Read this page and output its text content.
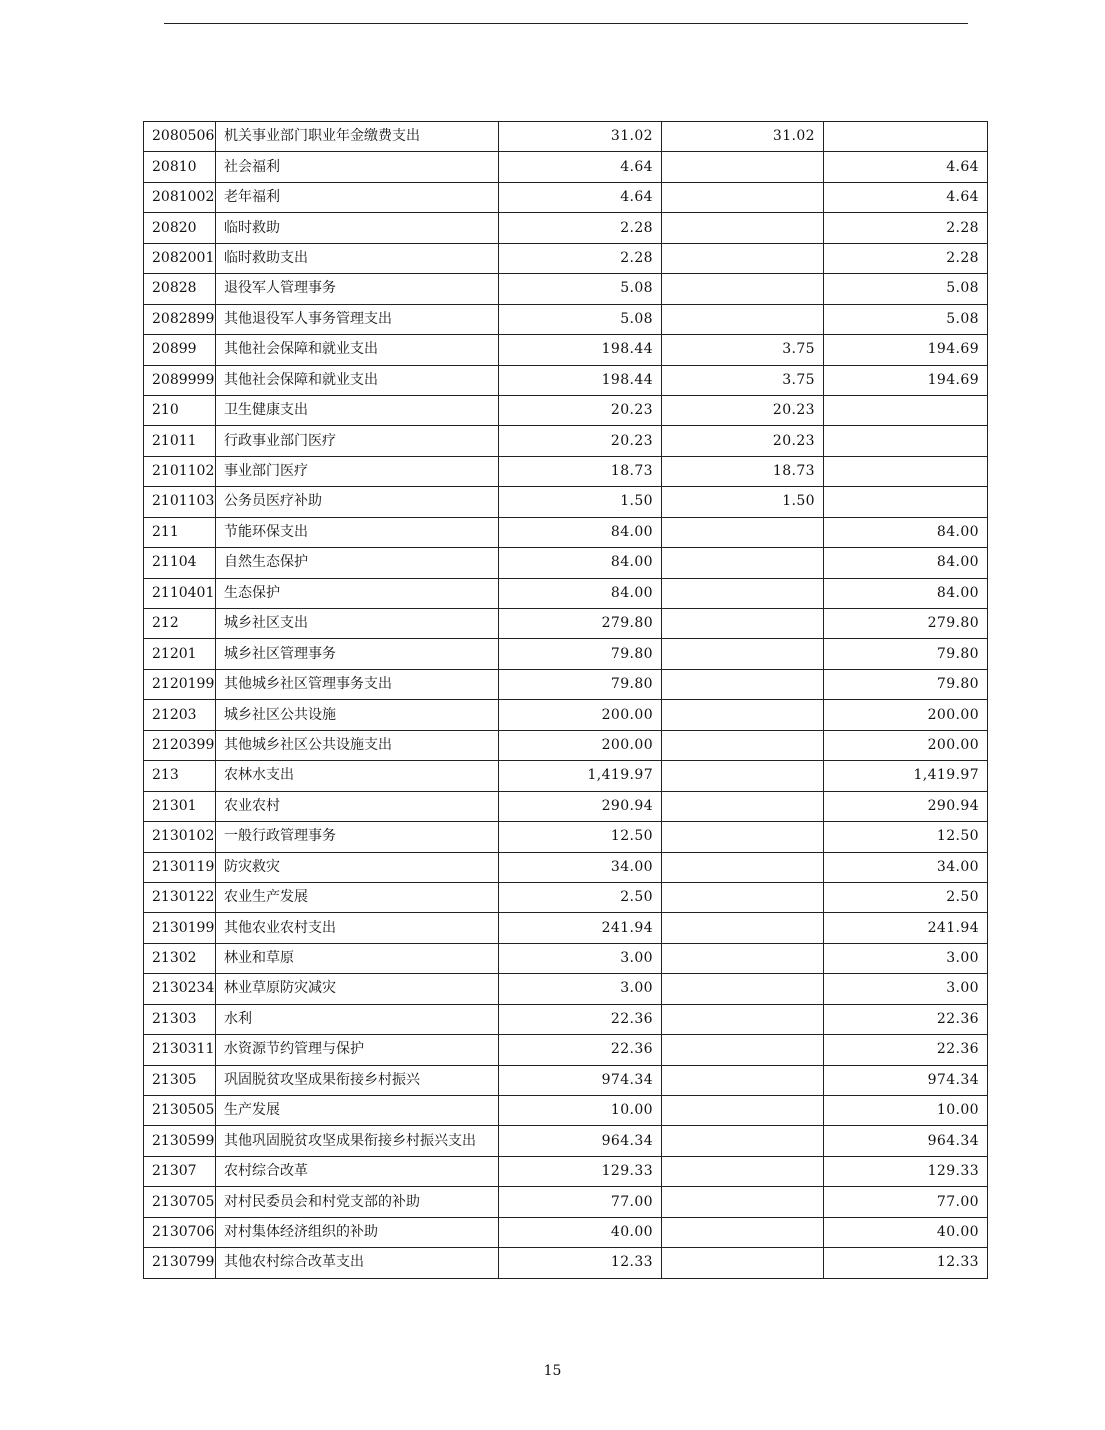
2080506	机关事业部门职业年金缴费支出	31.02	31.02	
20810	社会福利	4.64		4.64
2081002	老年福利	4.64		4.64
20820	临时救助	2.28		2.28
2082001	临时救助支出	2.28		2.28
20828	退役军人管理事务	5.08		5.08
2082899	其他退役军人事务管理支出	5.08		5.08
20899	其他社会保障和就业支出	198.44	3.75	194.69
2089999	其他社会保障和就业支出	198.44	3.75	194.69
210	卫生健康支出	20.23	20.23	
21011	行政事业部门医疗	20.23	20.23	
2101102	事业部门医疗	18.73	18.73	
2101103	公务员医疗补助	1.50	1.50	
211	节能环保支出	84.00		84.00
21104	自然生态保护	84.00		84.00
2110401	生态保护	84.00		84.00
212	城乡社区支出	279.80		279.80
21201	城乡社区管理事务	79.80		79.80
2120199	其他城乡社区管理事务支出	79.80		79.80
21203	城乡社区公共设施	200.00		200.00
2120399	其他城乡社区公共设施支出	200.00		200.00
213	农林水支出	1,419.97		1,419.97
21301	农业农村	290.94		290.94
2130102	一般行政管理事务	12.50		12.50
2130119	防灾救灾	34.00		34.00
2130122	农业生产发展	2.50		2.50
2130199	其他农业农村支出	241.94		241.94
21302	林业和草原	3.00		3.00
2130234	林业草原防灾减灾	3.00		3.00
21303	水利	22.36		22.36
2130311	水资源节约管理与保护	22.36		22.36
21305	巩固脱贫攻坚成果衔接乡村振兴	974.34		974.34
2130505	生产发展	10.00		10.00
2130599	其他巩固脱贫攻坚成果衔接乡村振兴支出	964.34		964.34
21307	农村综合改革	129.33		129.33
2130705	对村民委员会和村党支部的补助	77.00		77.00
2130706	对村集体经济组织的补助	40.00		40.00
2130799	其他农村综合改革支出	12.33		12.33
15
